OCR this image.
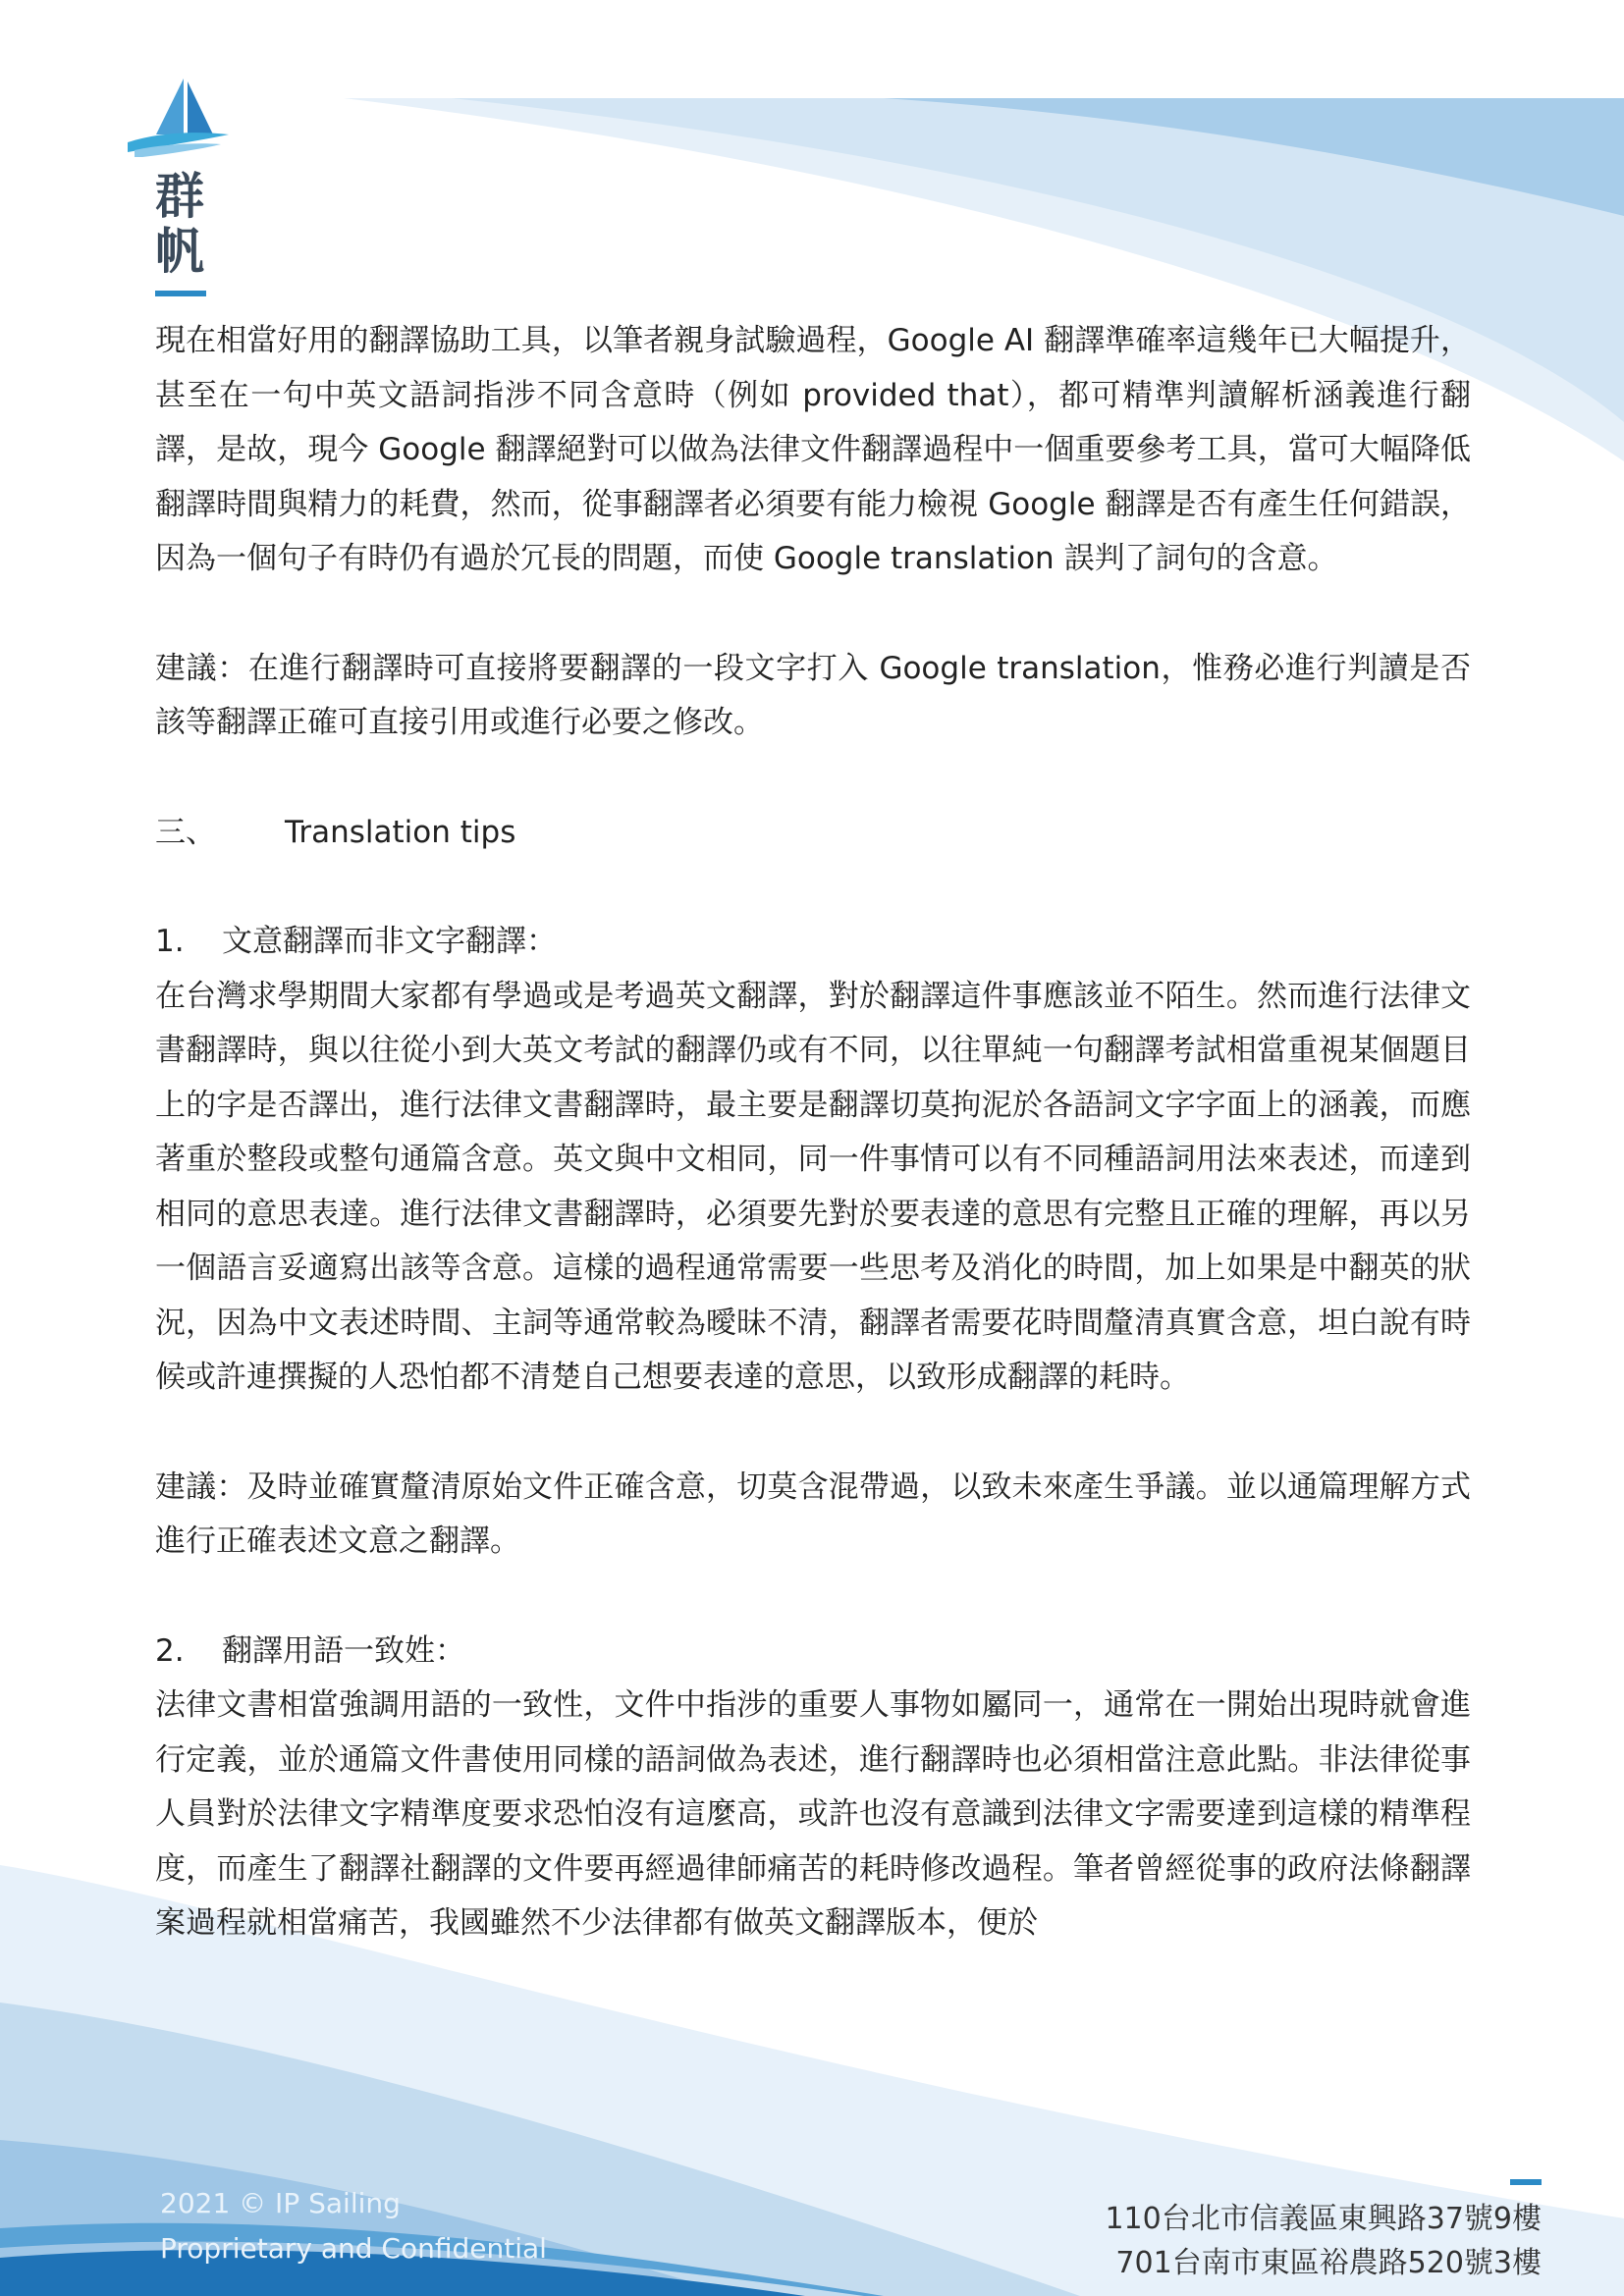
群帆

現在相當好用的翻譯協助工具，以筆者親身試驗過程，Google AI 翻譯準確率這幾年已大幅提升，甚至在一句中英文語詞指涉不同含意時（例如 provided that），都可精準判讀解析涵義進行翻譯，是故，現今 Google 翻譯絕對可以做為法律文件翻譯過程中一個重要參考工具，當可大幅降低翻譯時間與精力的耗費，然而，從事翻譯者必須要有能力檢視 Google 翻譯是否有產生任何錯誤，因為一個句子有時仍有過於冗長的問題，而使 Google translation 誤判了詞句的含意。

建議：在進行翻譯時可直接將要翻譯的一段文字打入 Google translation，惟務必進行判讀是否該等翻譯正確可直接引用或進行必要之修改。

三、	Translation tips
1.	文意翻譯而非文字翻譯：

在台灣求學期間大家都有學過或是考過英文翻譯，對於翻譯這件事應該並不陌生。然而進行法律文書翻譯時，與以往從小到大英文考試的翻譯仍或有不同，以往單純一句翻譯考試相當重視某個題目上的字是否譯出，進行法律文書翻譯時，最主要是翻譯切莫拘泥於各語詞文字字面上的涵義，而應著重於整段或整句通篇含意。英文與中文相同，同一件事情可以有不同種語詞用法來表述，而達到相同的意思表達。進行法律文書翻譯時，必須要先對於要表達的意思有完整且正確的理解，再以另一個語言妥適寫出該等含意。這樣的過程通常需要一些思考及消化的時間，加上如果是中翻英的狀況，因為中文表述時間、主詞等通常較為曖昧不清，翻譯者需要花時間釐清真實含意，坦白說有時候或許連撰擬的人恐怕都不清楚自己想要表達的意思，以致形成翻譯的耗時。

建議：及時並確實釐清原始文件正確含意，切莫含混帶過，以致未來產生爭議。並以通篇理解方式進行正確表述文意之翻譯。

2.	翻譯用語一致姓：

法律文書相當強調用語的一致性，文件中指涉的重要人事物如屬同一，通常在一開始出現時就會進行定義，並於通篇文件書使用同樣的語詞做為表述，進行翻譯時也必須相當注意此點。非法律從事人員對於法律文字精準度要求恐怕沒有這麼高，或許也沒有意識到法律文字需要達到這樣的精準程度，而產生了翻譯社翻譯的文件要再經過律師痛苦的耗時修改過程。筆者曾經從事的政府法條翻譯案過程就相當痛苦，我國雖然不少法律都有做英文翻譯版本，便於

2021 © IP Sailing
Proprietary and Confidential
110台北市信義區東興路37號9樓
701台南市東區裕農路520號3樓
